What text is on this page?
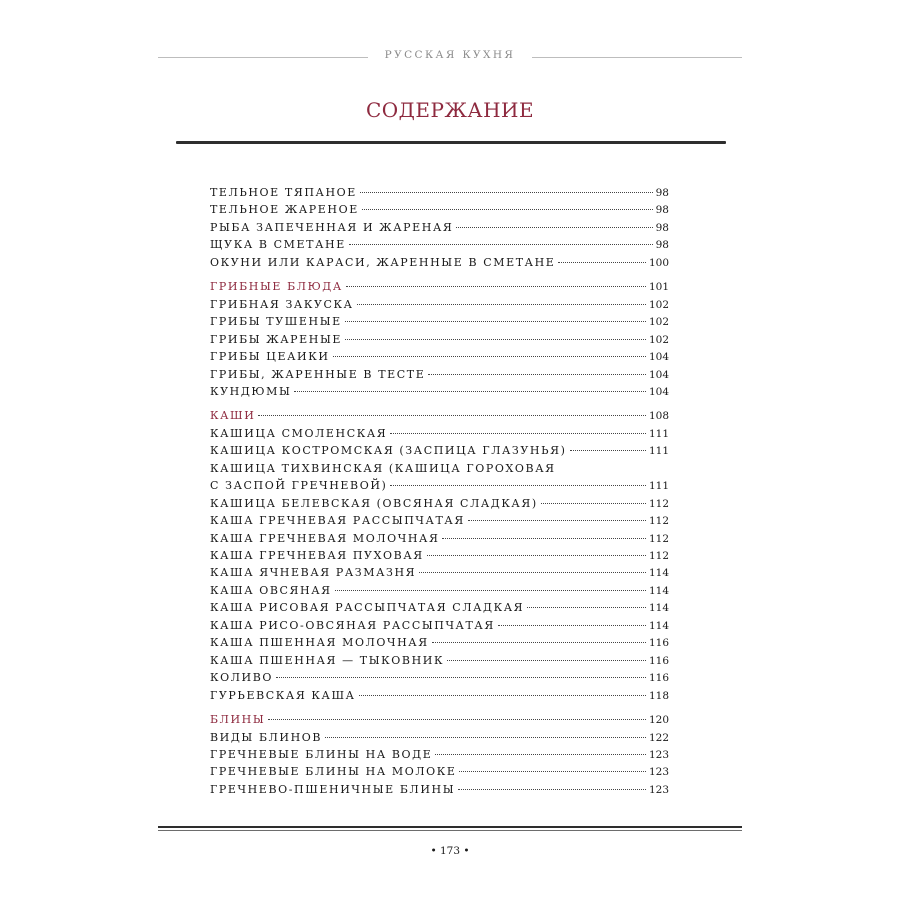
РУССКАЯ КУХНЯ
СОДЕРЖАНИЕ
ТЕЛЬНОЕ ТЯПАНОЕ	98
ТЕЛЬНОЕ ЖАРЕНОЕ	98
РЫБА ЗАПЕЧЕННАЯ И ЖАРЕНАЯ	98
ЩУКА В СМЕТАНЕ	98
ОКУНИ ИЛИ КАРАСИ, ЖАРЕННЫЕ В СМЕТАНЕ	100
ГРИБНЫЕ БЛЮДА	101
ГРИБНАЯ ЗАКУСКА	102
ГРИБЫ ТУШЕНЫЕ	102
ГРИБЫ ЖАРЕНЫЕ	102
ГРИБЫ ЦЕАИКИ	104
ГРИБЫ, ЖАРЕННЫЕ В ТЕСТЕ	104
КУНДЮМЫ	104
КАШИ	108
КАШИЦА СМОЛЕНСКАЯ	111
КАШИЦА КОСТРОМСКАЯ (ЗАСПИЦА ГЛАЗУНЬЯ)	111
КАШИЦА ТИХВИНСКАЯ (КАШИЦА ГОРОХОВАЯ
С ЗАСПОЙ ГРЕЧНЕВОЙ)	111
КАШИЦА БЕЛЕВСКАЯ (ОВСЯНАЯ СЛАДКАЯ)	112
КАША ГРЕЧНЕВАЯ РАССЫПЧАТАЯ	112
КАША ГРЕЧНЕВАЯ МОЛОЧНАЯ	112
КАША ГРЕЧНЕВАЯ ПУХОВАЯ	112
КАША ЯЧНЕВАЯ РАЗМАЗНЯ	114
КАША ОВСЯНАЯ	114
КАША РИСОВАЯ РАССЫПЧАТАЯ СЛАДКАЯ	114
КАША РИСО-ОВСЯНАЯ РАССЫПЧАТАЯ	114
КАША ПШЕННАЯ МОЛОЧНАЯ	116
КАША ПШЕННАЯ — ТЫКОВНИК	116
КОЛИВО	116
ГУРЬЕВСКАЯ КАША	118
БЛИНЫ	120
ВИДЫ БЛИНОВ	122
ГРЕЧНЕВЫЕ БЛИНЫ НА ВОДЕ	123
ГРЕЧНЕВЫЕ БЛИНЫ НА МОЛОКЕ	123
ГРЕЧНЕВО-ПШЕНИЧНЫЕ БЛИНЫ	123
• 173 •
